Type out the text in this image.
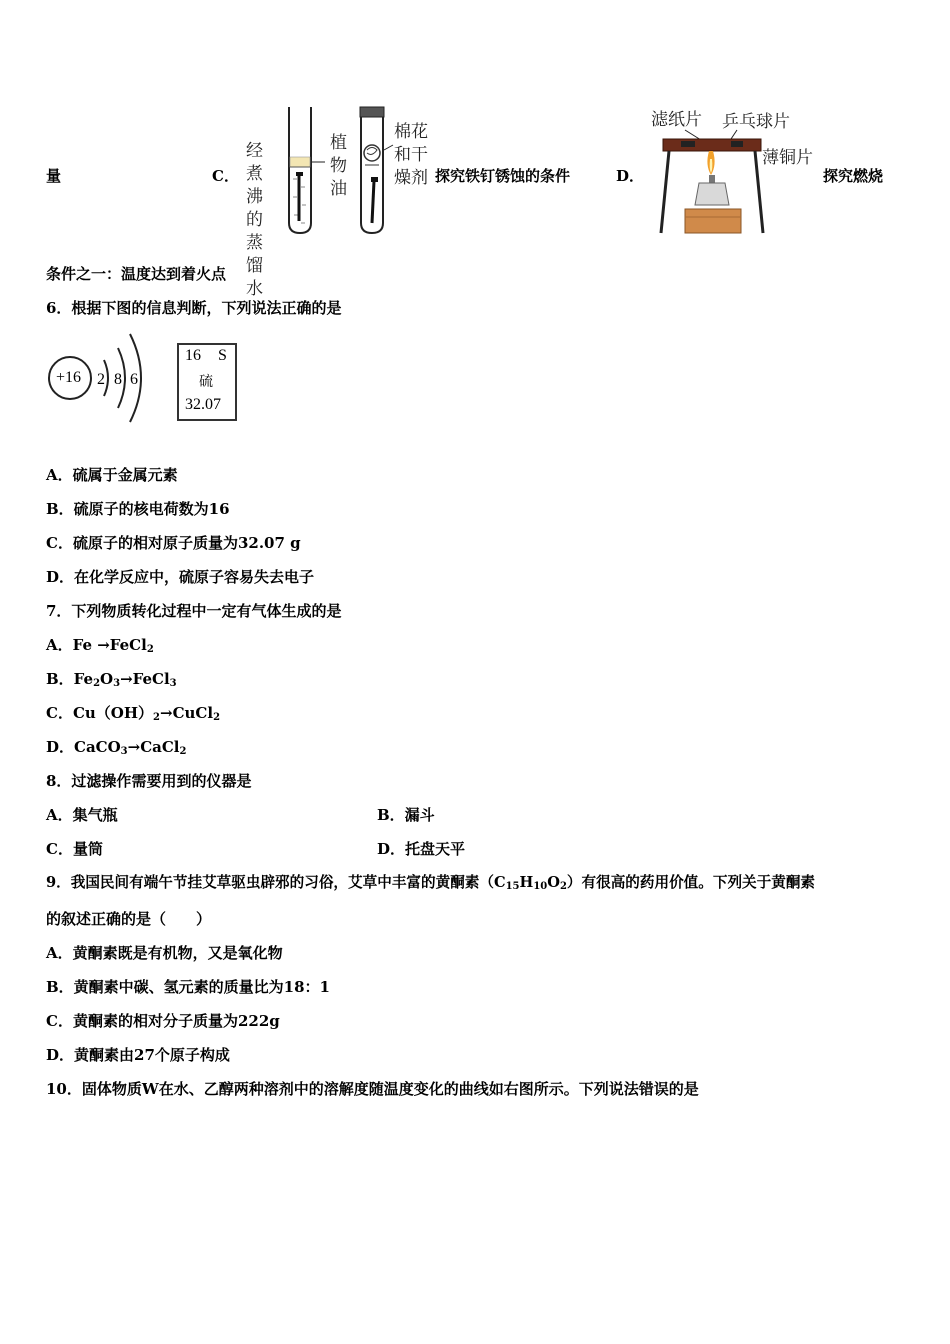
量	C．
经煮
沸的
蒸馏
水
植
物
油
棉花
和干
燥剂 探究铁钉锈蚀的条件	D．
滤纸片 乒乓球片
薄铜片
探究燃烧
条件之一：温度达到着火点
6．根据下图的信息判断，下列说法正确的是
+16 2 8 6
16 S
硫
32.07
A．硫属于金属元素
B．硫原子的核电荷数为16
C．硫原子的相对原子质量为32.07 g
D．在化学反应中，硫原子容易失去电子
7．下列物质转化过程中一定有气体生成的是
A．Fe →FeCl$_2$
B．$Fe_2O_3\to FeCl_3$
C．$Cu(OH)_2\to CuCl_2$
D．CaCO$_3$→CaCl$_2$
8．过滤操作需要用到的仪器是
A．集气瓶	B．漏斗
C．量筒	D．托盘天平
9．我国民间有端午节挂艾草驱虫辟邪的习俗，艾草中丰富的黄酮素$(C_{15}H_{10}O_2)$有很高的药用价值。下列关于黄酮素
的叙述正确的是（　　）
A．黄酮素既是有机物，又是氧化物
B．黄酮素中碳、氢元素的质量比为18：1
C．黄酮素的相对分子质量为222g
D．黄酮素由27个原子构成
10．固体物质W在水、乙醇两种溶剂中的溶解度随温度变化的曲线如右图所示。下列说法错误的是
